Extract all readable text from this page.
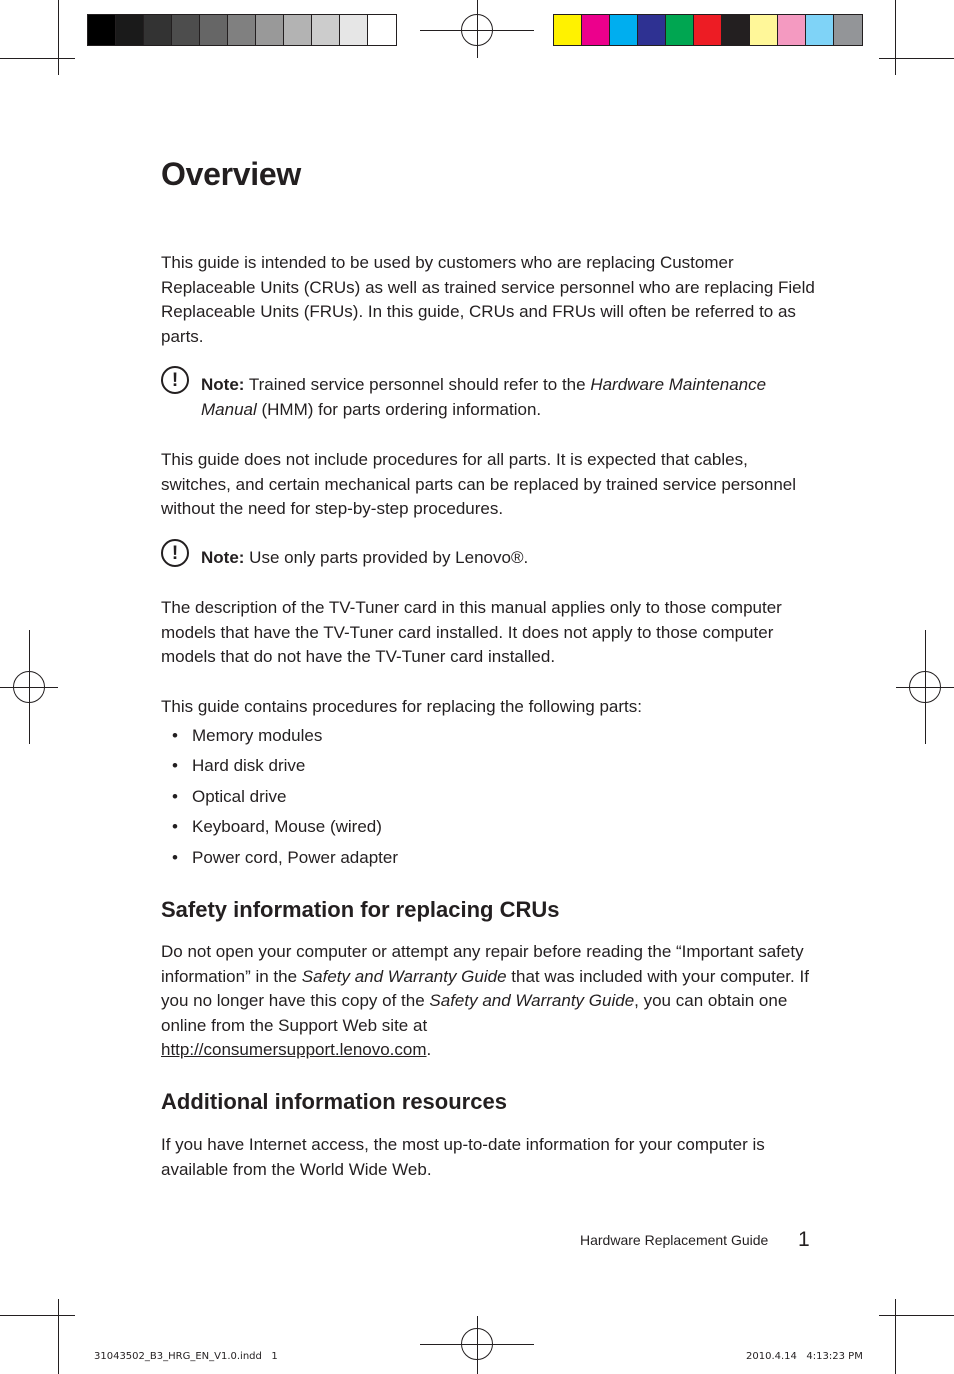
Overview

This guide is intended to be used by customers who are replacing Customer Replaceable Units (CRUs) as well as trained service personnel who are replacing Field Replaceable Units (FRUs). In this guide, CRUs and FRUs will often be referred to as parts.

!	Note: Trained service personnel should refer to the Hardware Maintenance Manual (HMM) for parts ordering information.

This guide does not include procedures for all parts. It is expected that cables, switches, and certain mechanical parts can be replaced by trained service personnel without the need for step-by-step procedures.

!	Note: Use only parts provided by Lenovo®.

The description of the TV-Tuner card in this manual applies only to those computer models that have the TV-Tuner card installed. It does not apply to those computer models that do not have the TV-Tuner card installed.

This guide contains procedures for replacing the following parts:

• Memory modules
• Hard disk drive
• Optical drive
• Keyboard, Mouse (wired)
• Power cord, Power adapter
Safety information for replacing CRUs

Do not open your computer or attempt any repair before reading the “Important safety information” in the Safety and Warranty Guide that was included with your computer. If you no longer have this copy of the Safety and Warranty Guide, you can obtain one online from the Support Web site at
http://consumersupport.lenovo.com.

Additional information resources

If you have Internet access, the most up-to-date information for your computer is available from the World Wide Web.

Hardware Replacement Guide 1
31043502_B3_HRG_EN_V1.0.indd   1	2010.4.14   4:13:23 PM
